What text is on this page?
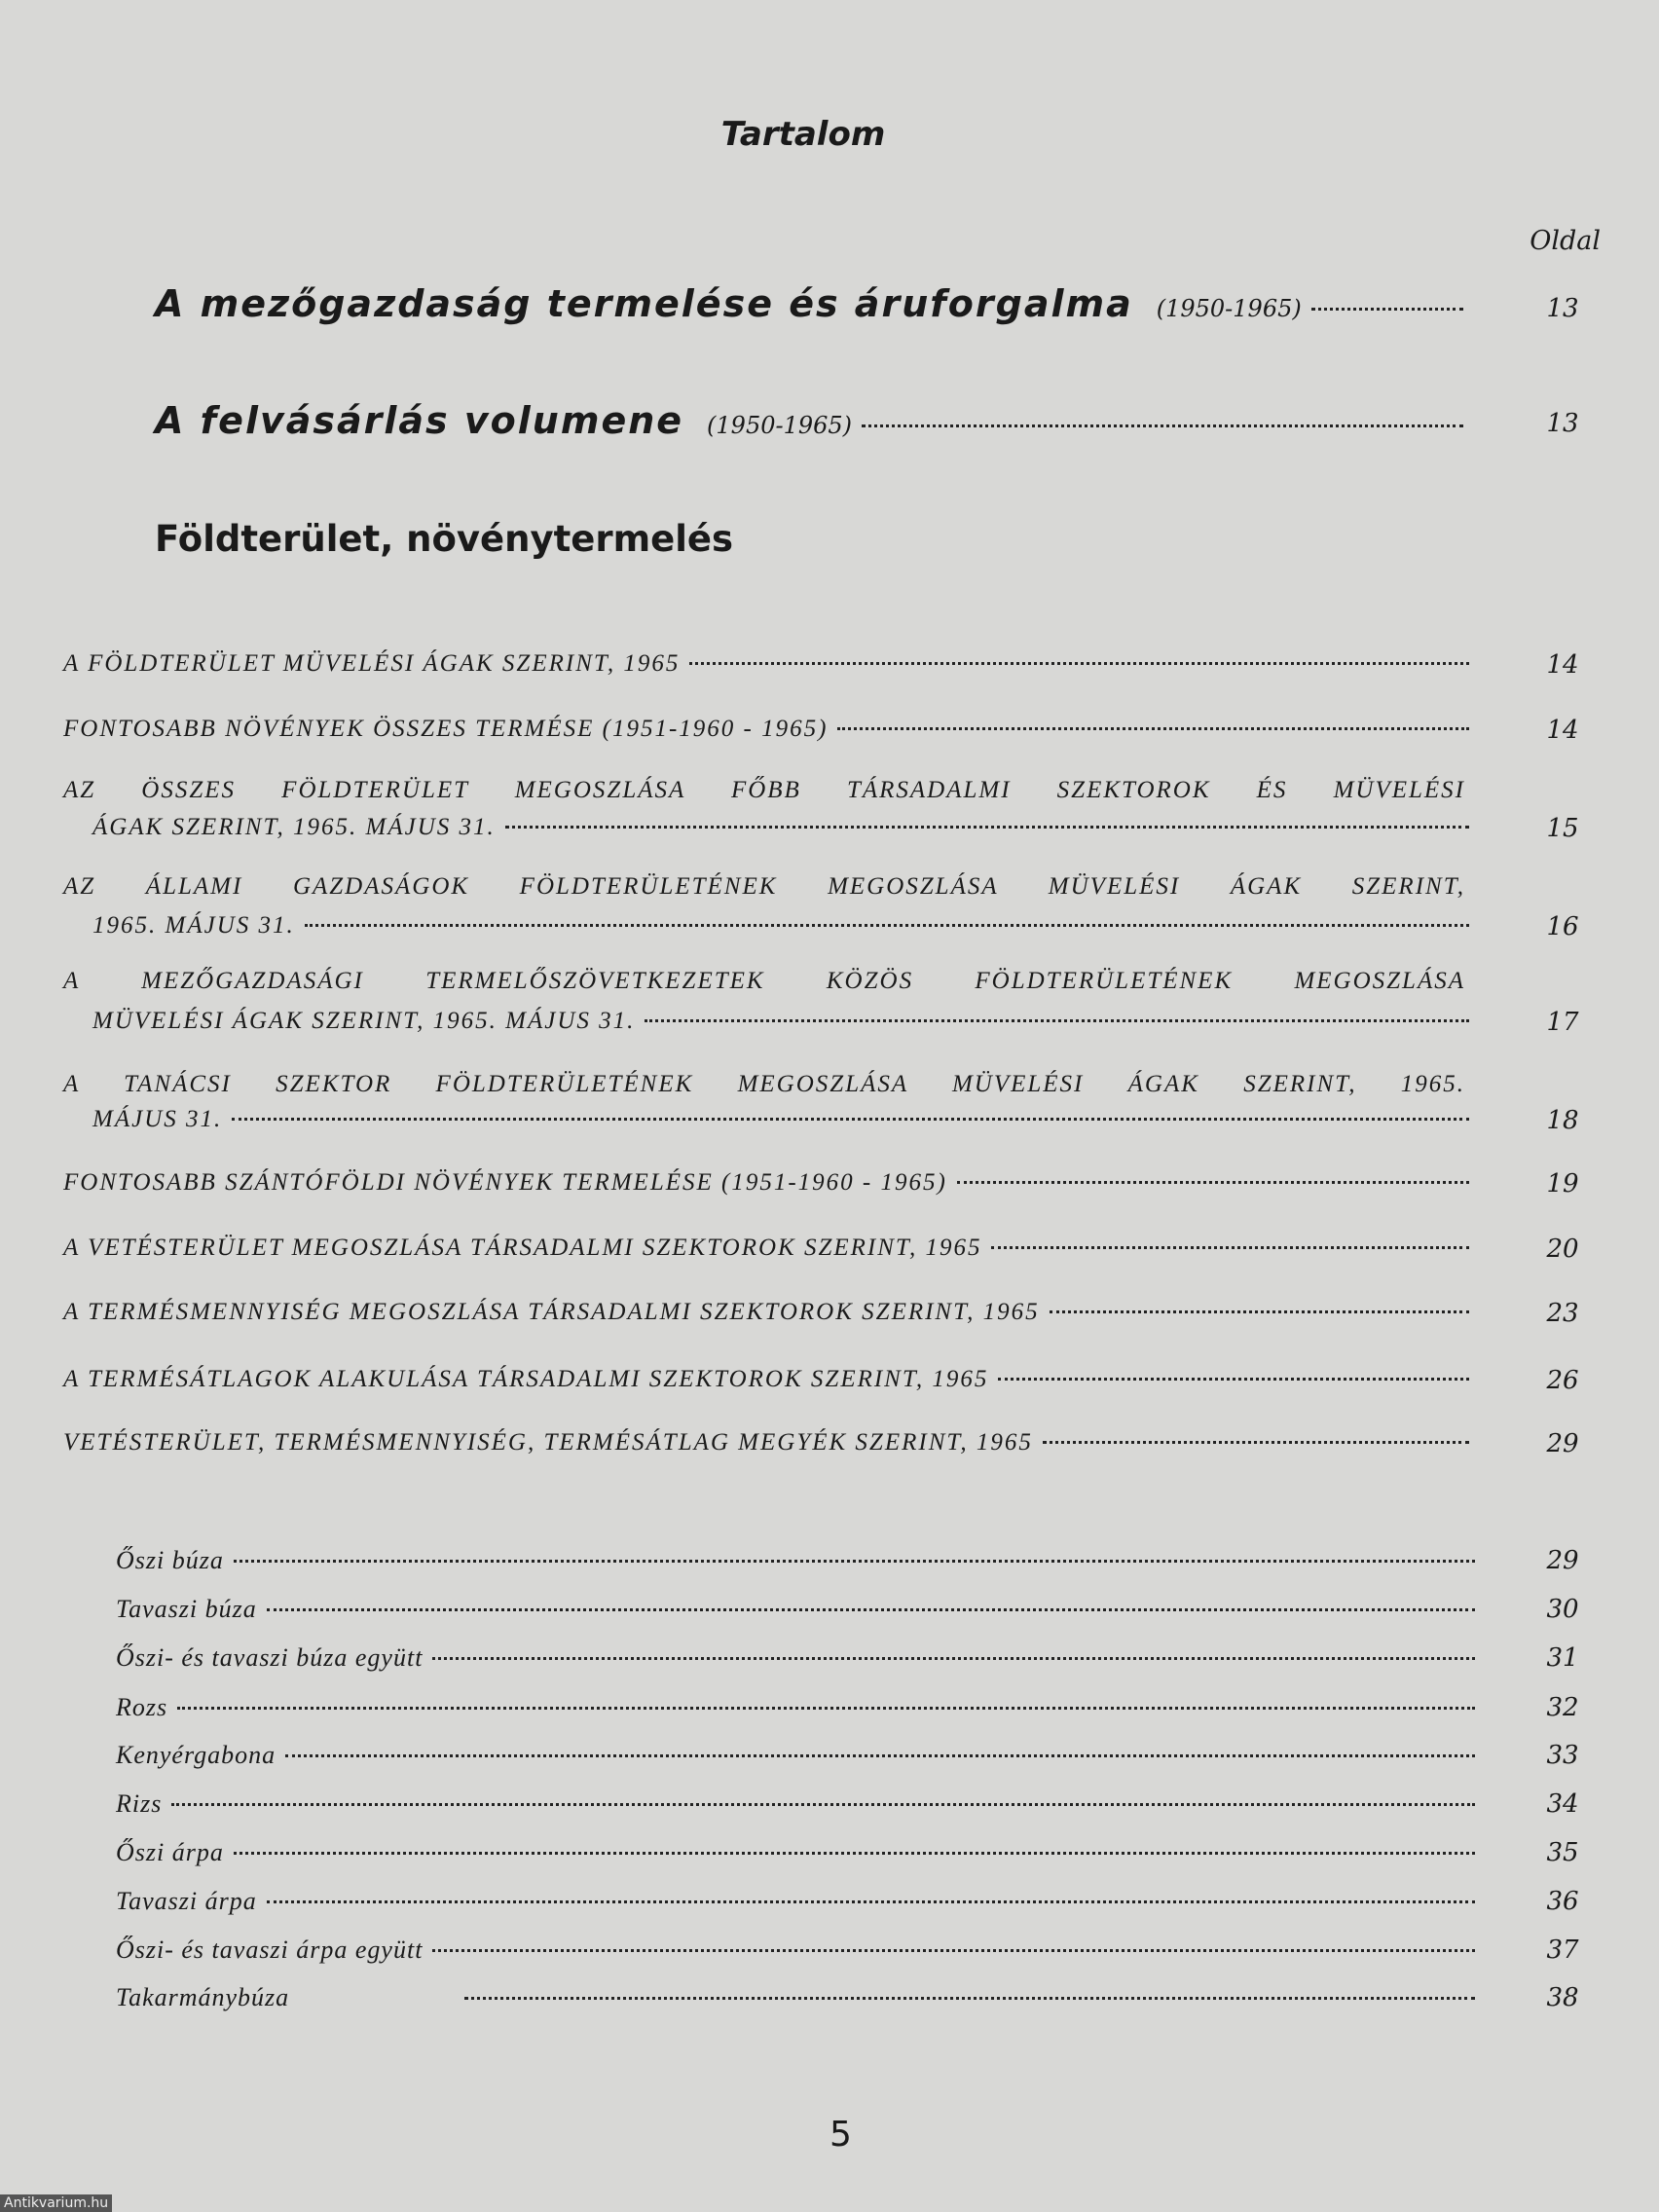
Tartalom
Oldal
A mezőgazdaság termelése és áruforgalma (1950-1965)	13
A felvásárlás volumene (1950-1965)	13
Földterület, növénytermelés
A FÖLDTERÜLET MÜVELÉSI ÁGAK SZERINT, 1965	14
FONTOSABB NÖVÉNYEK ÖSSZES TERMÉSE (1951-1960 - 1965)	14
AZ ÖSSZES FÖLDTERÜLET MEGOSZLÁSA FŐBB TÁRSADALMI SZEKTOROK ÉS MÜVELÉSI
ÁGAK SZERINT, 1965. MÁJUS 31.	15
AZ ÁLLAMI GAZDASÁGOK FÖLDTERÜLETÉNEK MEGOSZLÁSA MÜVELÉSI ÁGAK SZERINT,
1965. MÁJUS 31.	16
A MEZŐGAZDASÁGI TERMELŐSZÖVETKEZETEK KÖZÖS FÖLDTERÜLETÉNEK MEGOSZLÁSA
MÜVELÉSI ÁGAK SZERINT, 1965. MÁJUS 31.	17
A TANÁCSI SZEKTOR FÖLDTERÜLETÉNEK MEGOSZLÁSA MÜVELÉSI ÁGAK SZERINT, 1965.
MÁJUS 31.	18
FONTOSABB SZÁNTÓFÖLDI NÖVÉNYEK TERMELÉSE (1951-1960 - 1965)	19
A VETÉSTERÜLET MEGOSZLÁSA TÁRSADALMI SZEKTOROK SZERINT, 1965	20
A TERMÉSMENNYISÉG MEGOSZLÁSA TÁRSADALMI SZEKTOROK SZERINT, 1965	23
A TERMÉSÁTLAGOK ALAKULÁSA TÁRSADALMI SZEKTOROK SZERINT, 1965	26
VETÉSTERÜLET, TERMÉSMENNYISÉG, TERMÉSÁTLAG MEGYÉK SZERINT, 1965	29
Őszi búza	29
Tavaszi búza	30
Őszi- és tavaszi búza együtt	31
Rozs	32
Kenyérgabona	33
Rizs	34
Őszi árpa	35
Tavaszi árpa	36
Őszi- és tavaszi árpa együtt	37
Takarmánybúza	38
5
Antikvarium.hu
